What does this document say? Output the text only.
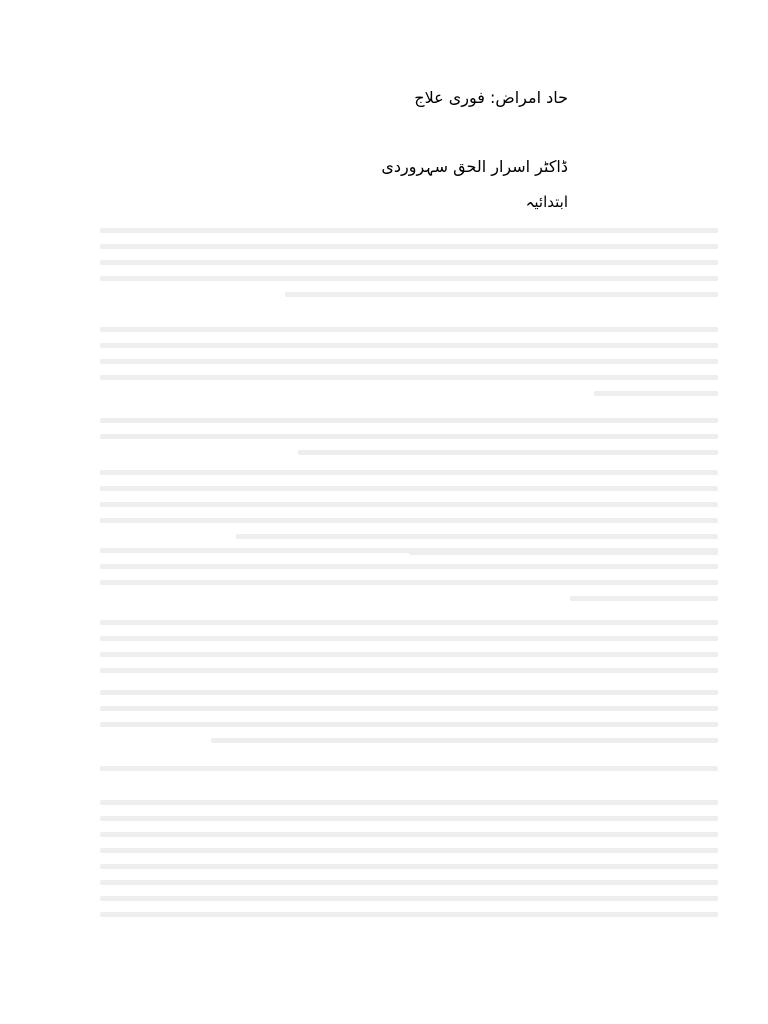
حاد امراض: فوری علاج

ڈاکٹر اسرار الحق سہروردی

ابتدائیہ
